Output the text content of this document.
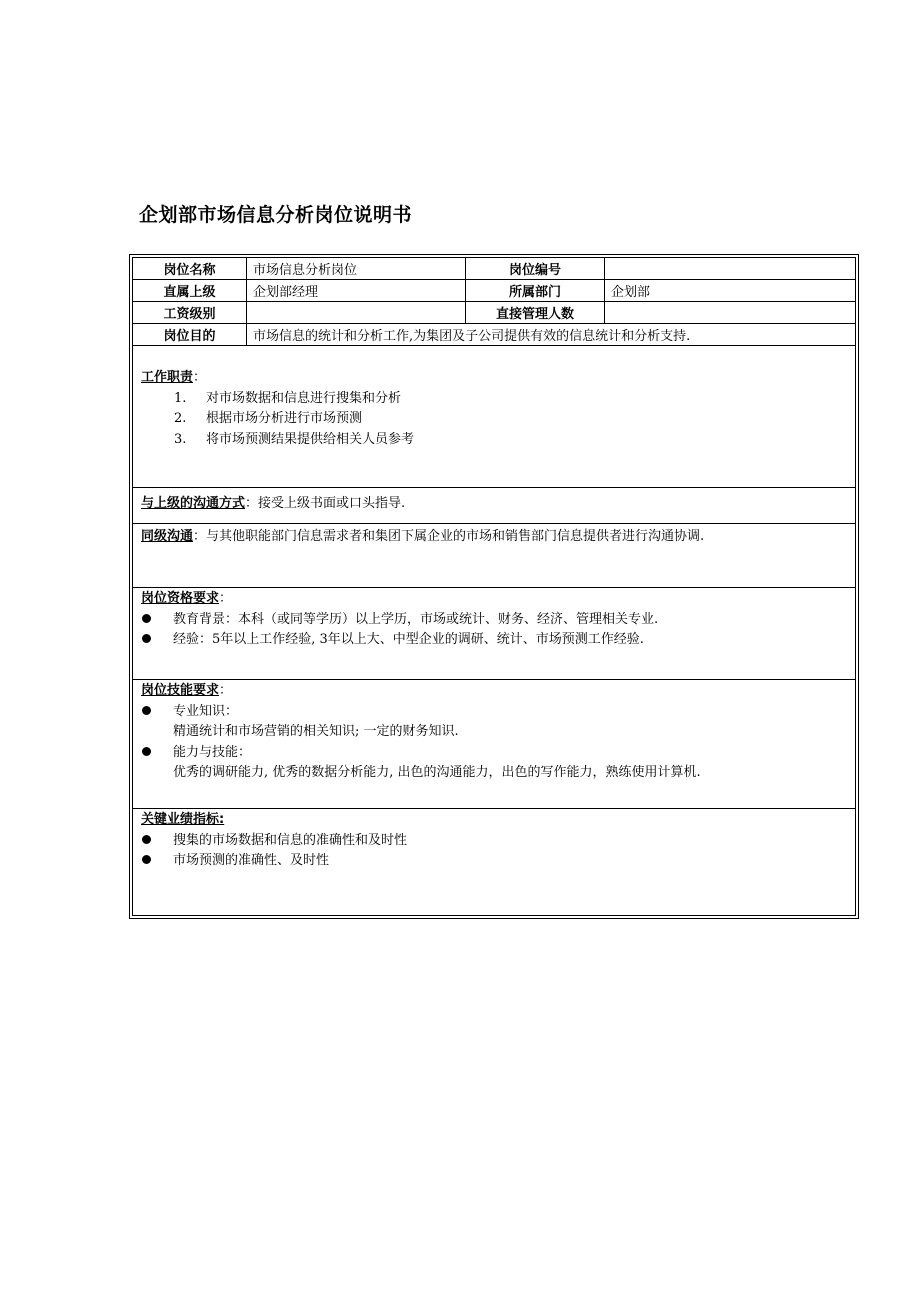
企划部市场信息分析岗位说明书
岗位名称	市场信息分析岗位	岗位编号	
直属上级	企划部经理	所属部门	企划部
工资级别		直接管理人数	
岗位目的	市场信息的统计和分析工作,为集团及子公司提供有效的信息统计和分析支持.		
工作职责：
1. 对市场数据和信息进行搜集和分析
2. 根据市场分析进行市场预测
3. 将市场预测结果提供给相关人员参考
与上级的沟通方式：接受上级书面或口头指导.
同级沟通：与其他职能部门信息需求者和集团下属企业的市场和销售部门信息提供者进行沟通协调.
岗位资格要求：
教育背景：本科（或同等学历）以上学历，市场或统计、财务、经济、管理相关专业.
经验：5年以上工作经验, 3年以上大、中型企业的调研、统计、市场预测工作经验.
岗位技能要求：
专业知识：
精通统计和市场营销的相关知识; 一定的财务知识.
能力与技能：
优秀的调研能力, 优秀的数据分析能力, 出色的沟通能力，出色的写作能力，熟练使用计算机.
关键业绩指标:
搜集的市场数据和信息的准确性和及时性
市场预测的准确性、及时性
